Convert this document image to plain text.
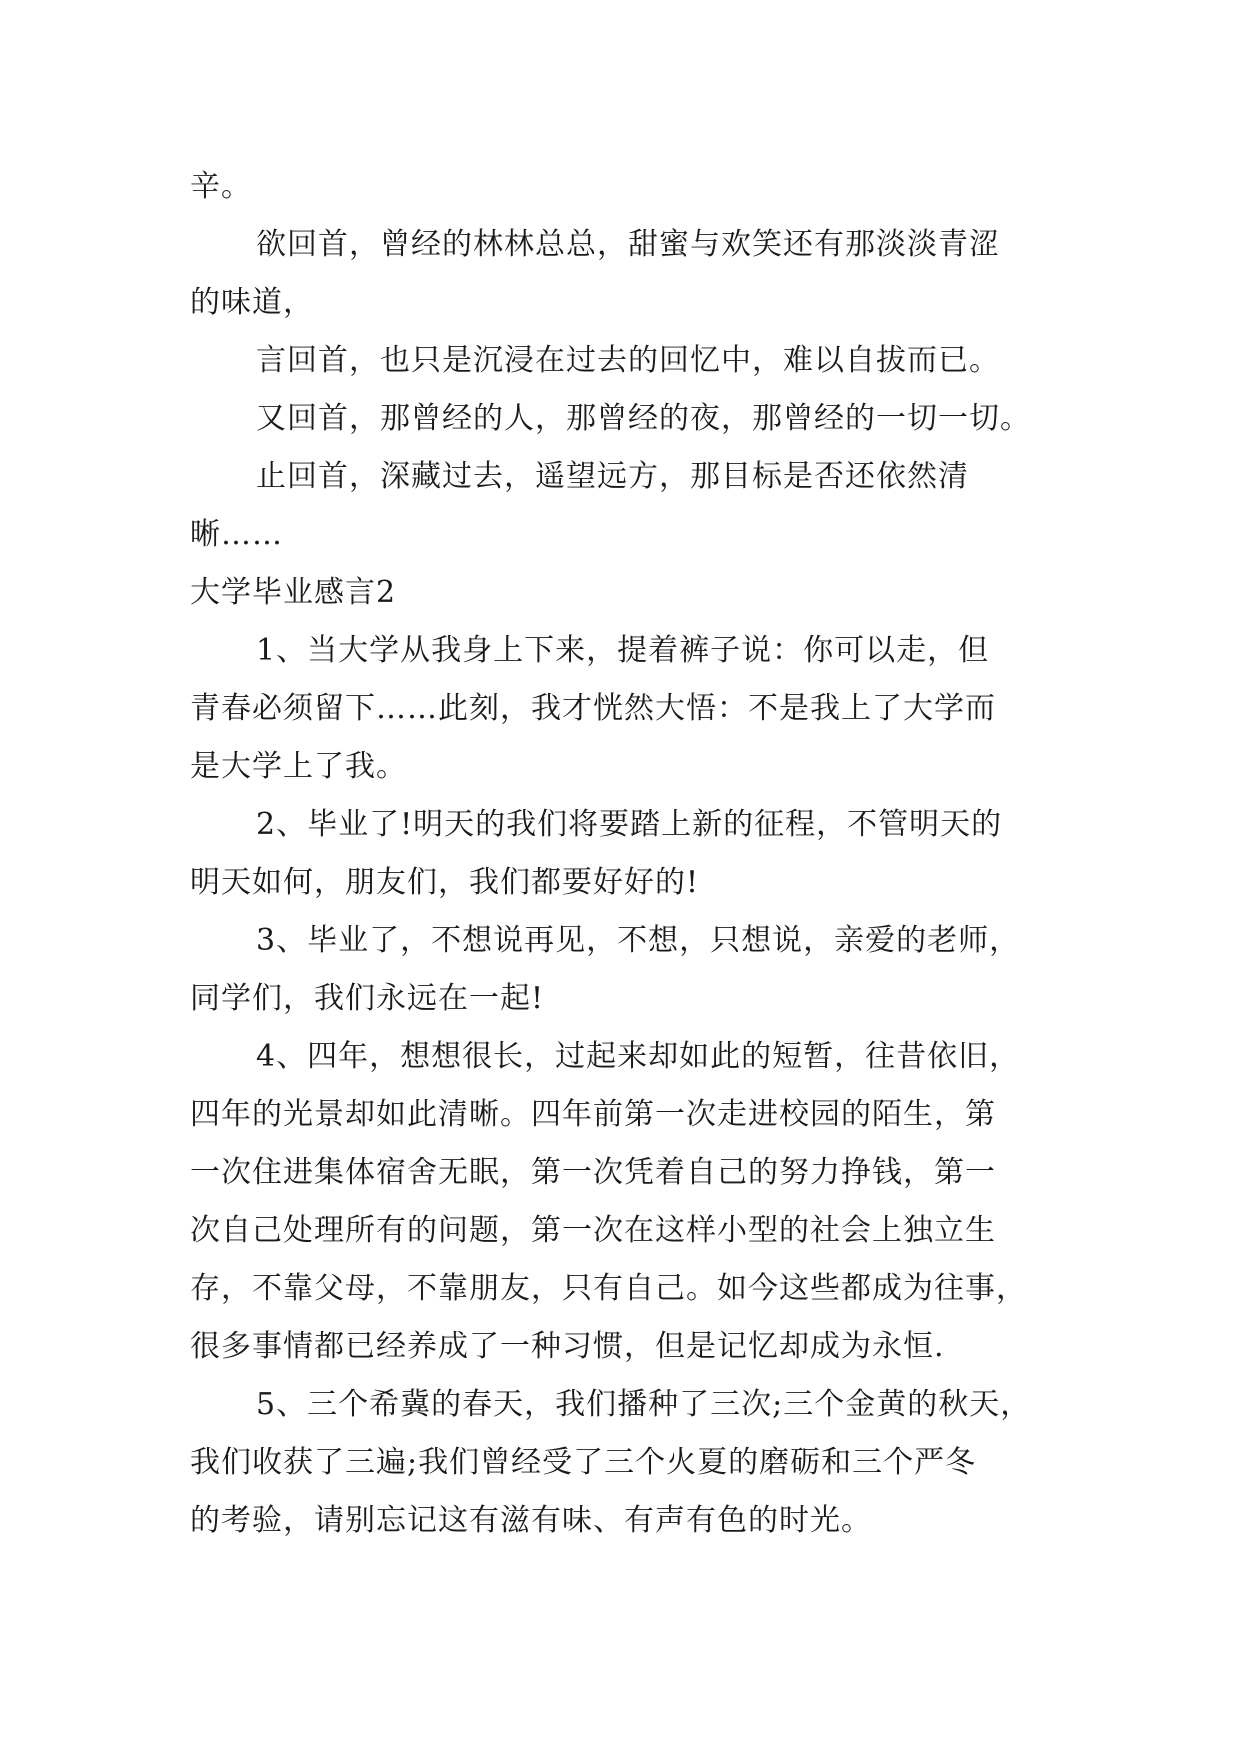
辛。
欲回首，曾经的林林总总，甜蜜与欢笑还有那淡淡青涩
的味道，
言回首，也只是沉浸在过去的回忆中，难以自拔而已。
又回首，那曾经的人，那曾经的夜，那曾经的一切一切。
止回首，深藏过去，遥望远方，那目标是否还依然清
晰……
大学毕业感言2
1、当大学从我身上下来，提着裤子说：你可以走，但
青春必须留下……此刻，我才恍然大悟：不是我上了大学而
是大学上了我。
2、毕业了!明天的我们将要踏上新的征程，不管明天的
明天如何，朋友们，我们都要好好的!
3、毕业了，不想说再见，不想，只想说，亲爱的老师，
同学们，我们永远在一起!
4、四年，想想很长，过起来却如此的短暂，往昔依旧，
四年的光景却如此清晰。四年前第一次走进校园的陌生，第
一次住进集体宿舍无眠，第一次凭着自己的努力挣钱，第一
次自己处理所有的问题，第一次在这样小型的社会上独立生
存，不靠父母，不靠朋友，只有自己。如今这些都成为往事，
很多事情都已经养成了一种习惯，但是记忆却成为永恒.
5、三个希冀的春天，我们播种了三次;三个金黄的秋天，
我们收获了三遍;我们曾经受了三个火夏的磨砺和三个严冬
的考验，请别忘记这有滋有味、有声有色的时光。
